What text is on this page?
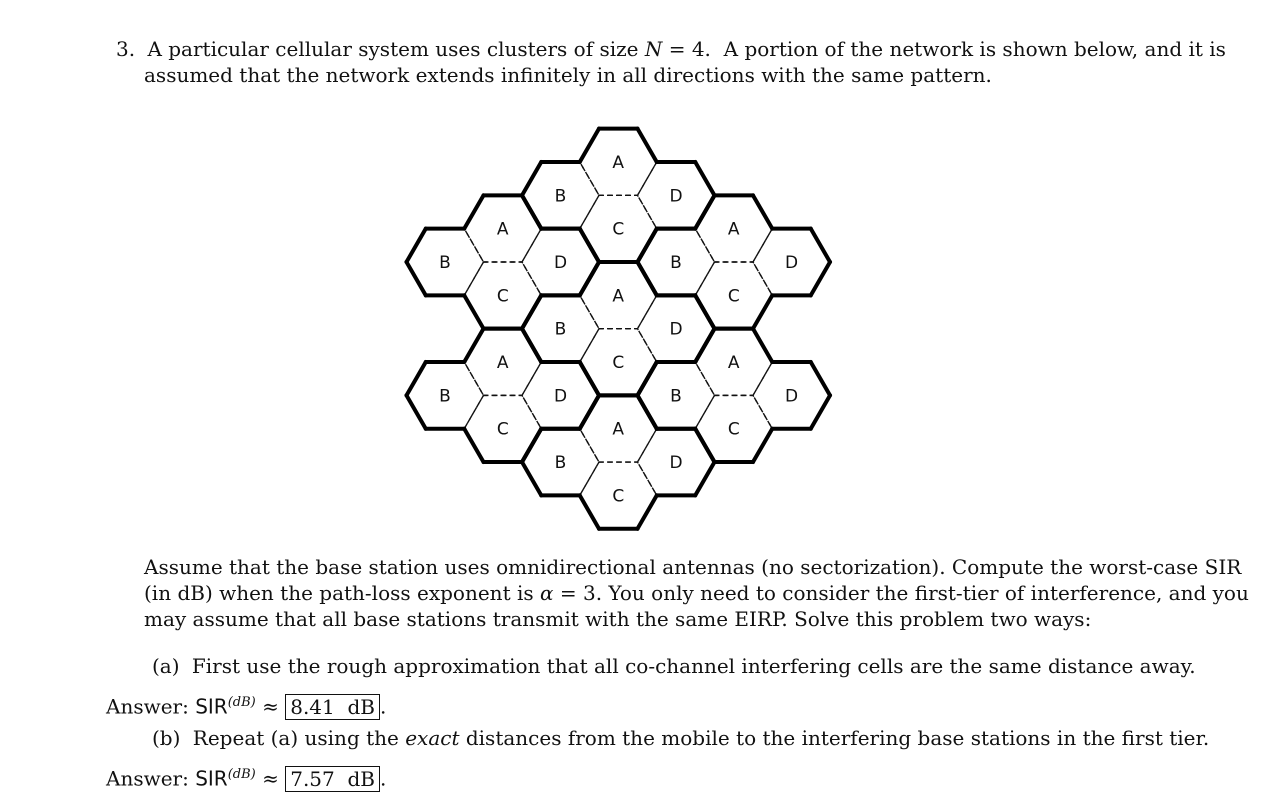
3. A particular cellular system uses clusters of size N = 4.  A portion of the network is shown below, and it is
assumed that the network extends infinitely in all directions with the same pattern.
A
B
C
D
A
B
C
D	B	D
A
C
A
B
C
D
B	D
A
C
B	D
A
C
A
B
C
D
Assume that the base station uses omnidirectional antennas (no sectorization). Compute the worst-case SIR
(in dB) when the path-loss exponent is α = 3. You only need to consider the first-tier of interference, and you
may assume that all base stations transmit with the same EIRP. Solve this problem two ways:
(a) First use the rough approximation that all co-channel interfering cells are the same distance away.
Answer: $SIR^{(dB)} \approx 8.41$  dB .
(b) Repeat (a) using the exact distances from the mobile to the interfering base stations in the first tier.
Answer: $SIR^{(dB)} \approx 7.57$  dB .
